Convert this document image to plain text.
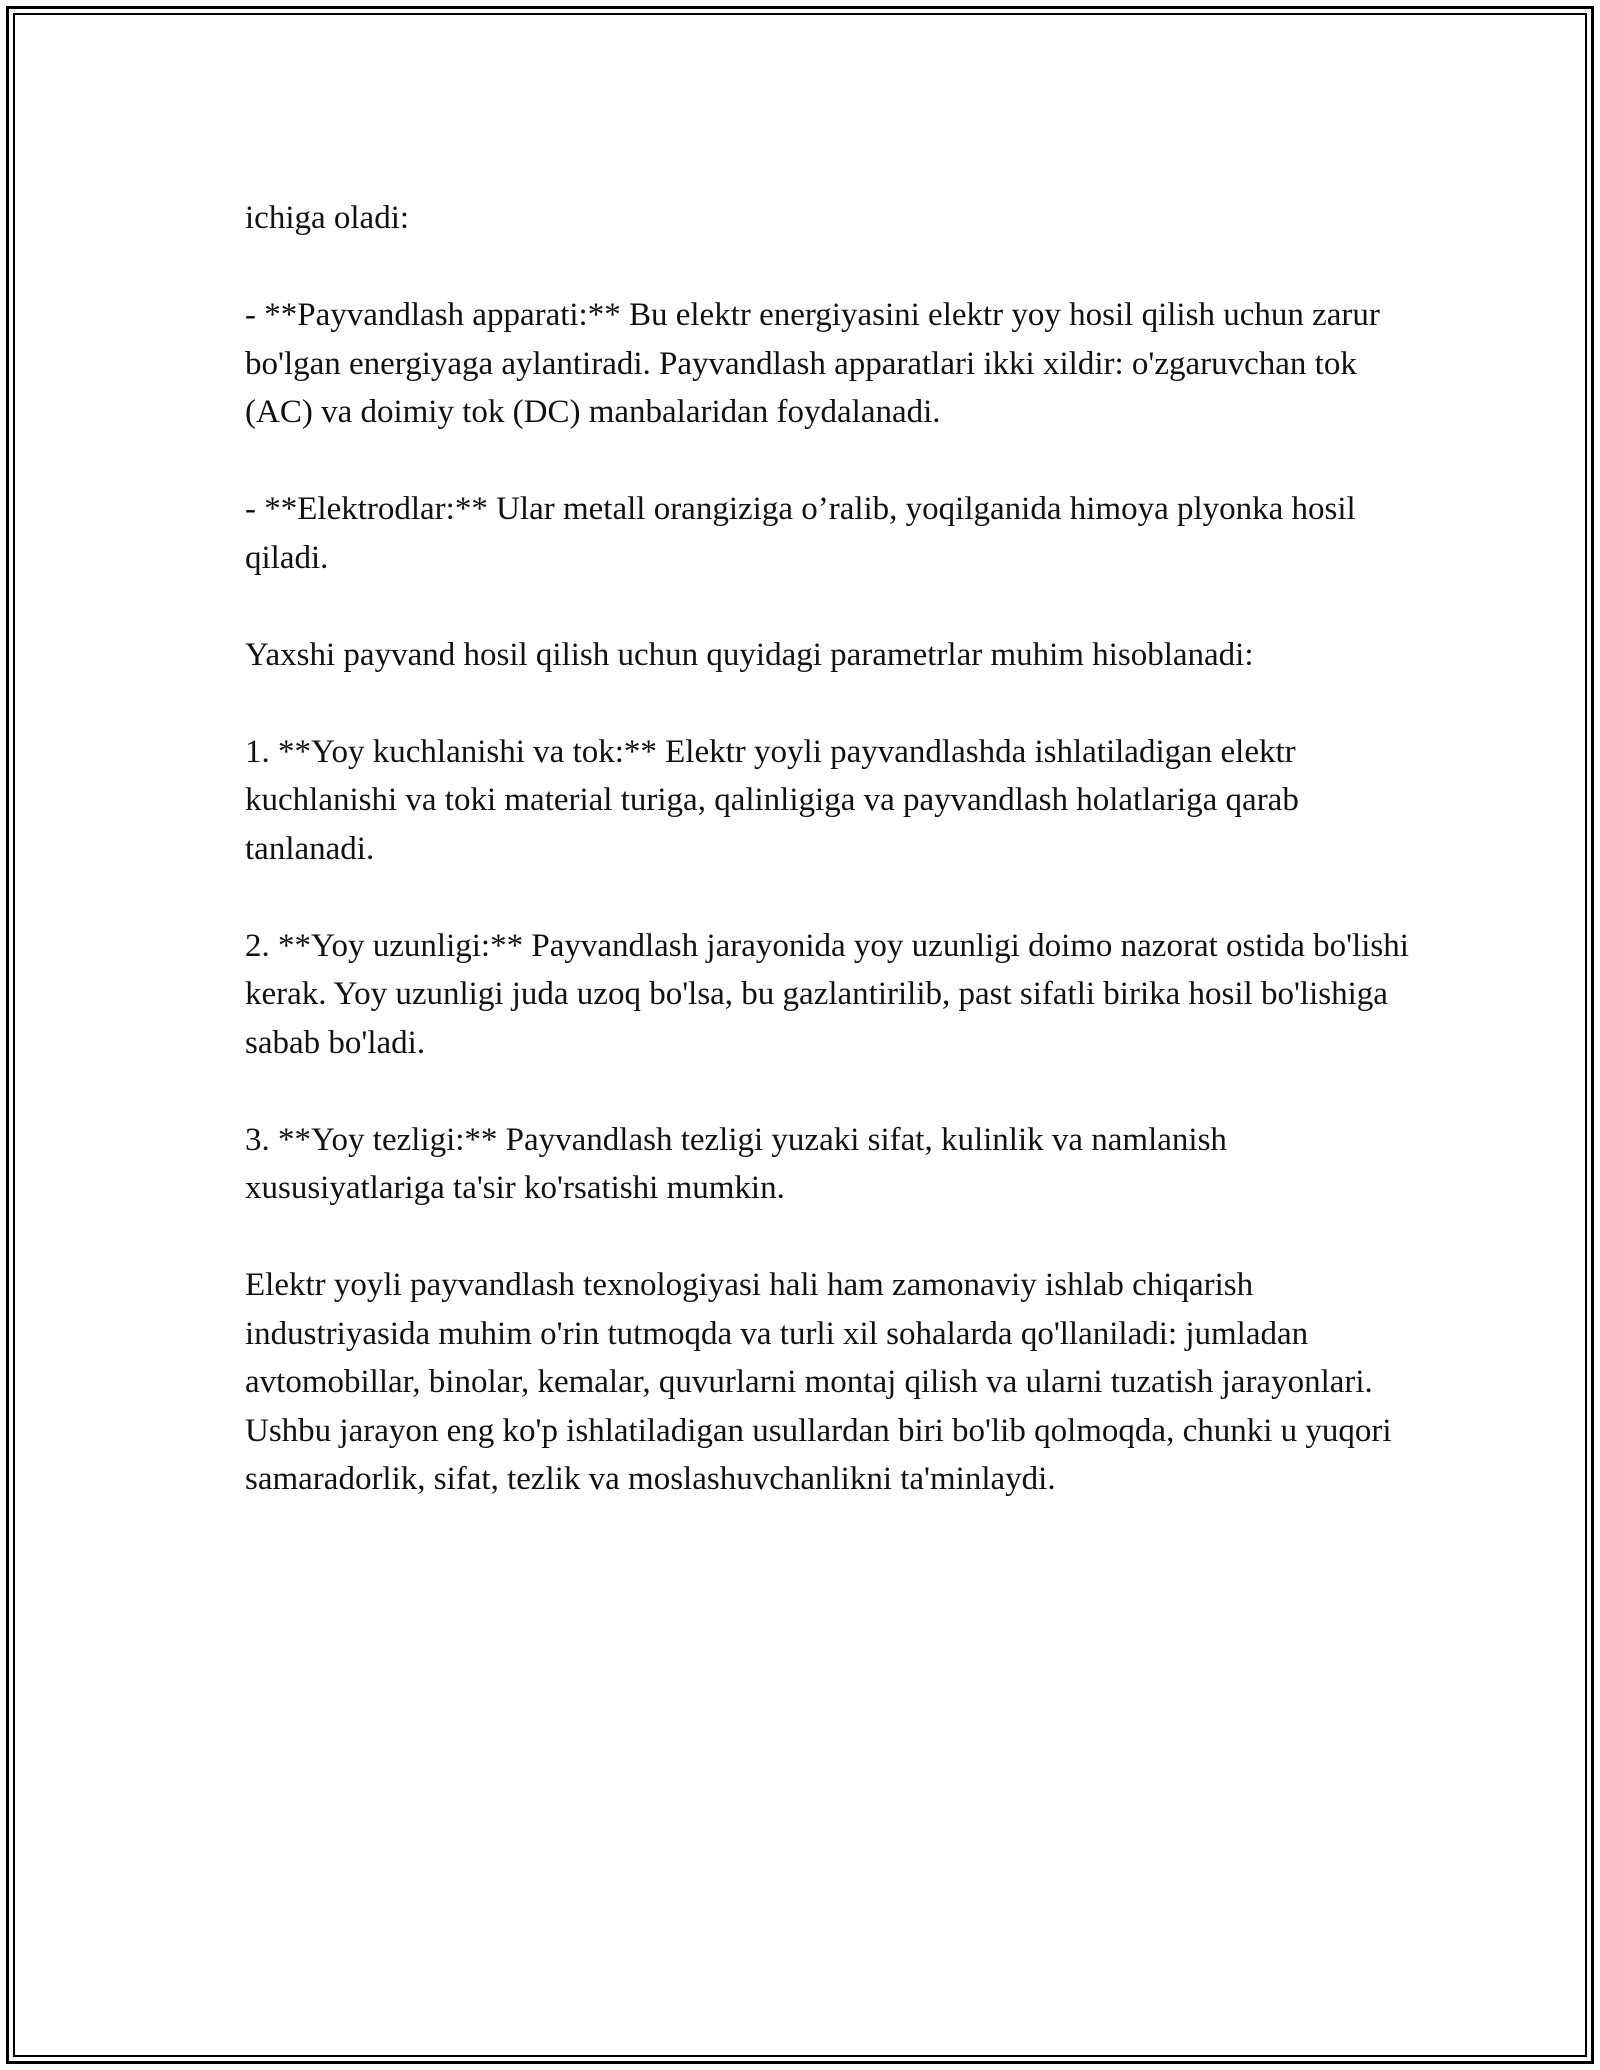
ichiga oladi:

- **Payvandlash apparati:** Bu elektr energiyasini elektr yoy hosil qilish uchun zarur bo'lgan energiyaga aylantiradi. Payvandlash apparatlari ikki xildir: o'zgaruvchan tok (AC) va doimiy tok (DC) manbalaridan foydalanadi.

- **Elektrodlar:** Ular metall orangiziga o’ralib, yoqilganida himoya plyonka hosil qiladi.

Yaxshi payvand hosil qilish uchun quyidagi parametrlar muhim hisoblanadi:

1. **Yoy kuchlanishi va tok:** Elektr yoyli payvandlashda ishlatiladigan elektr kuchlanishi va toki material turiga, qalinligiga va payvandlash holatlariga qarab tanlanadi.

2. **Yoy uzunligi:** Payvandlash jarayonida yoy uzunligi doimo nazorat ostida bo'lishi kerak. Yoy uzunligi juda uzoq bo'lsa, bu gazlantirilib, past sifatli birika hosil bo'lishiga sabab bo'ladi.

3. **Yoy tezligi:** Payvandlash tezligi yuzaki sifat, kulinlik va namlanish xususiyatlariga ta'sir ko'rsatishi mumkin.

Elektr yoyli payvandlash texnologiyasi hali ham zamonaviy ishlab chiqarish industriyasida muhim o'rin tutmoqda va turli xil sohalarda qo'llaniladi: jumladan avtomobillar, binolar, kemalar, quvurlarni montaj qilish va ularni tuzatish jarayonlari. Ushbu jarayon eng ko'p ishlatiladigan usullardan biri bo'lib qolmoqda, chunki u yuqori samaradorlik, sifat, tezlik va moslashuvchanlikni ta'minlaydi.
